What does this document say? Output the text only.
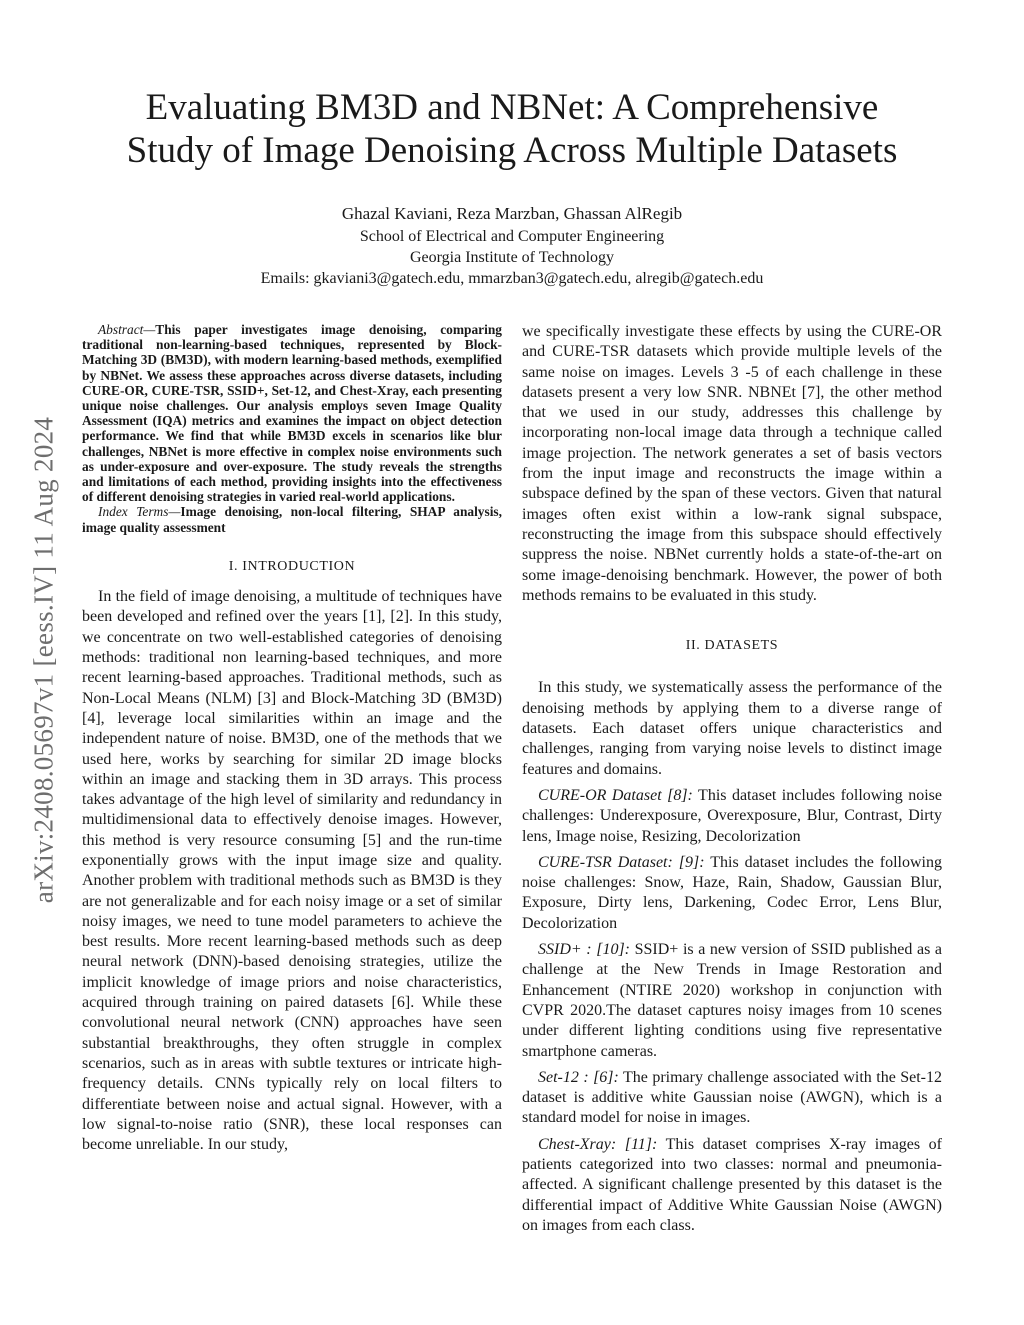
arXiv:2408.05697v1 [eess.IV] 11 Aug 2024
Evaluating BM3D and NBNet: A Comprehensive
Study of Image Denoising Across Multiple Datasets
Ghazal Kaviani, Reza Marzban, Ghassan AlRegib
School of Electrical and Computer Engineering
Georgia Institute of Technology
Emails: gkaviani3@gatech.edu, mmarzban3@gatech.edu, alregib@gatech.edu

Abstract—This paper investigates image denoising, comparing traditional non-learning-based techniques, represented by Block-Matching 3D (BM3D), with modern learning-based methods, exemplified by NBNet. We assess these approaches across diverse datasets, including CURE-OR, CURE-TSR, SSID+, Set-12, and Chest-Xray, each presenting unique noise challenges. Our analysis employs seven Image Quality Assessment (IQA) metrics and examines the impact on object detection performance. We find that while BM3D excels in scenarios like blur challenges, NBNet is more effective in complex noise environments such as under-exposure and over-exposure. The study reveals the strengths and limitations of each method, providing insights into the effectiveness of different denoising strategies in varied real-world applications.

Index Terms—Image denoising, non-local filtering, SHAP analysis, image quality assessment

I. INTRODUCTION

In the field of image denoising, a multitude of techniques have been developed and refined over the years [1], [2]. In this study, we concentrate on two well-established categories of denoising methods: traditional non learning-based techniques, and more recent learning-based approaches. Traditional methods, such as Non-Local Means (NLM) [3] and Block-Matching 3D (BM3D) [4], leverage local similarities within an image and the independent nature of noise. BM3D, one of the methods that we used here, works by searching for similar 2D image blocks within an image and stacking them in 3D arrays. This process takes advantage of the high level of similarity and redundancy in multidimensional data to effectively denoise images. However, this method is very resource consuming [5] and the run-time exponentially grows with the input image size and quality. Another problem with traditional methods such as BM3D is they are not generalizable and for each noisy image or a set of similar noisy images, we need to tune model parameters to achieve the best results. More recent learning-based methods such as deep neural network (DNN)-based denoising strategies, utilize the implicit knowledge of image priors and noise characteristics, acquired through training on paired datasets [6]. While these convolutional neural network (CNN) approaches have seen substantial breakthroughs, they often struggle in complex scenarios, such as in areas with subtle textures or intricate high-frequency details. CNNs typically rely on local filters to differentiate between noise and actual signal. However, with a low signal-to-noise ratio (SNR), these local responses can become unreliable. In our study,

we specifically investigate these effects by using the CURE-OR and CURE-TSR datasets which provide multiple levels of the same noise on images. Levels 3 -5 of each challenge in these datasets present a very low SNR. NBNEt [7], the other method that we used in our study, addresses this challenge by incorporating non-local image data through a technique called image projection. The network generates a set of basis vectors from the input image and reconstructs the image within a subspace defined by the span of these vectors. Given that natural images often exist within a low-rank signal subspace, reconstructing the image from this subspace should effectively suppress the noise. NBNet currently holds a state-of-the-art on some image-denoising benchmark. However, the power of both methods remains to be evaluated in this study.

II. DATASETS

In this study, we systematically assess the performance of the denoising methods by applying them to a diverse range of datasets. Each dataset offers unique characteristics and challenges, ranging from varying noise levels to distinct image features and domains.

CURE-OR Dataset [8]: This dataset includes following noise challenges: Underexposure, Overexposure, Blur, Contrast, Dirty lens, Image noise, Resizing, Decolorization

CURE-TSR Dataset: [9]: This dataset includes the following noise challenges: Snow, Haze, Rain, Shadow, Gaussian Blur, Exposure, Dirty lens, Darkening, Codec Error, Lens Blur, Decolorization

SSID+ : [10]: SSID+ is a new version of SSID published as a challenge at the New Trends in Image Restoration and Enhancement (NTIRE 2020) workshop in conjunction with CVPR 2020.The dataset captures noisy images from 10 scenes under different lighting conditions using five representative smartphone cameras.

Set-12 : [6]: The primary challenge associated with the Set-12 dataset is additive white Gaussian noise (AWGN), which is a standard model for noise in images.

Chest-Xray: [11]: This dataset comprises X-ray images of patients categorized into two classes: normal and pneumonia-affected. A significant challenge presented by this dataset is the differential impact of Additive White Gaussian Noise (AWGN) on images from each class.
